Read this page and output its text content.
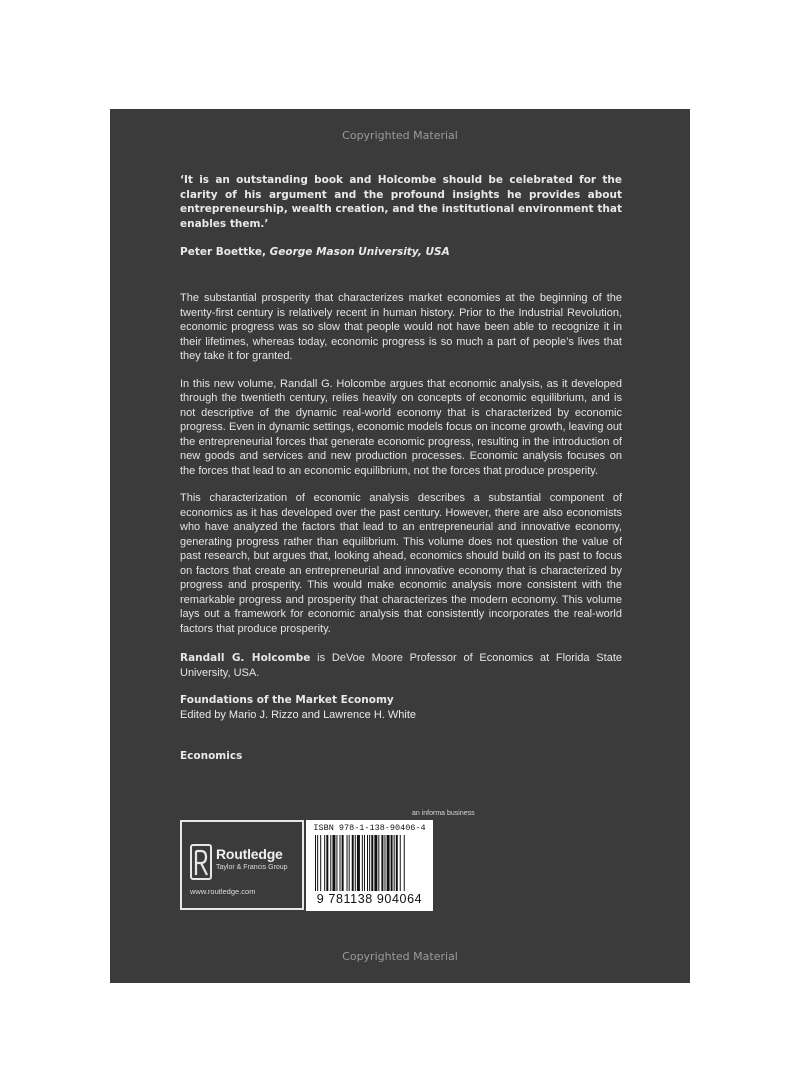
Copyrighted Material

‘It is an outstanding book and Holcombe should be celebrated for the clarity of his argument and the profound insights he provides about entrepreneurship, wealth creation, and the institutional environment that enables them.’

Peter Boettke, George Mason University, USA

The substantial prosperity that characterizes market economies at the beginning of the twenty-first century is relatively recent in human history. Prior to the Industrial Revolution, economic progress was so slow that people would not have been able to recognize it in their lifetimes, whereas today, economic progress is so much a part of people’s lives that they take it for granted.

In this new volume, Randall G. Holcombe argues that economic analysis, as it developed through the twentieth century, relies heavily on concepts of economic equilibrium, and is not descriptive of the dynamic real-world economy that is characterized by economic progress. Even in dynamic settings, economic models focus on income growth, leaving out the entrepreneurial forces that generate economic progress, resulting in the introduction of new goods and services and new production processes. Economic analysis focuses on the forces that lead to an economic equilibrium, not the forces that produce prosperity.

This characterization of economic analysis describes a substantial component of economics as it has developed over the past century. However, there are also economists who have analyzed the factors that lead to an entrepreneurial and innovative economy, generating progress rather than equilibrium. This volume does not question the value of past research, but argues that, looking ahead, economics should build on its past to focus on factors that create an entrepreneurial and innovative economy that is characterized by progress and prosperity. This would make economic analysis more consistent with the remarkable progress and prosperity that characterizes the modern economy. This volume lays out a framework for economic analysis that consistently incorporates the real-world factors that produce prosperity.

Randall G. Holcombe is DeVoe Moore Professor of Economics at Florida State University, USA.

Foundations of the Market Economy
Edited by Mario J. Rizzo and Lawrence H. White
Economics
an informa business
Routledge
Taylor & Francis Group
www.routledge.com
ISBN 978-1-138-90406-4
9 781138 904064
Copyrighted Material
